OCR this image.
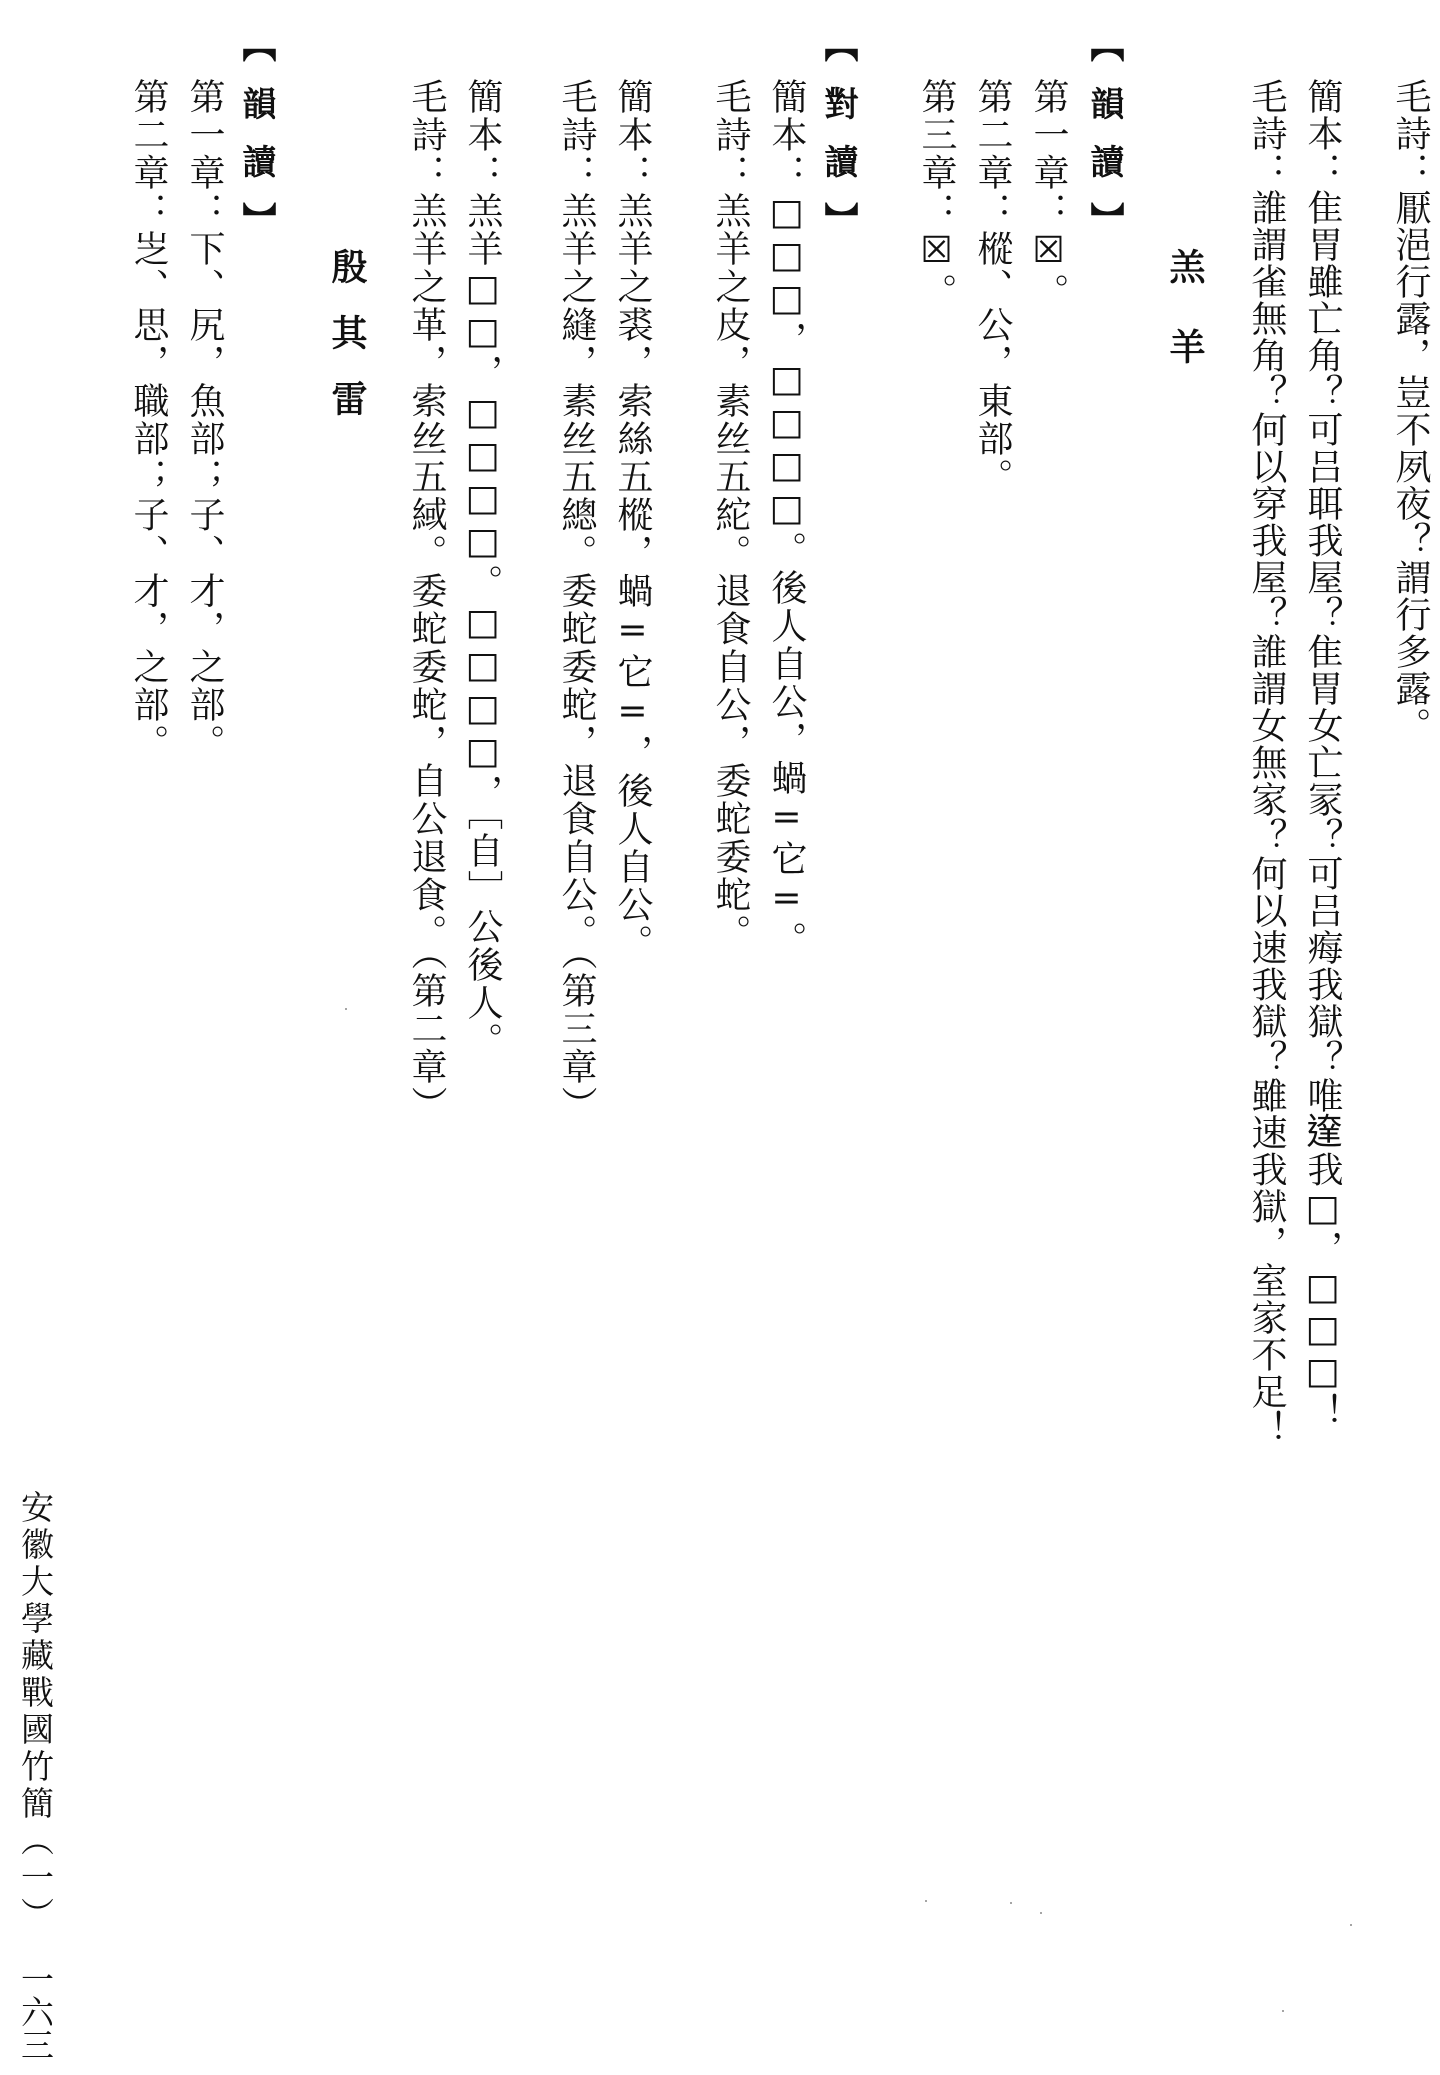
毛詩：厭浥行露，豈不夙夜？謂行多露。
簡本：隹胃雖亡角？可吕聑我屋？隹胃女亡冡？可吕痗我獄？唯𨔶我□，□□□！
毛詩：誰謂雀無角？何以穿我屋？誰謂女無家？何以速我獄？雖速我獄，室家不足！
【韻讀】
第一章：☒。
第二章：樅、公，東部。
第三章：☒。
羔羊
【對讀】
簡本：□□□，□□□□。後人自公，蝸=它=。
毛詩：羔羊之皮，素丝五紽。退食自公，委蛇委蛇。
簡本：羔羊之裘，索絲五樅，蝸=它=，後人自公。
毛詩：羔羊之縫，素丝五總。委蛇委蛇，退食自公。（第三章）
簡本：羔羊□□，□□□□。□□□□，［自］公後人。
毛詩：羔羊之革，索丝五緎。委蛇委蛇，自公退食。（第二章）
殷其雷
【韻讀】
第一章：下、尻，魚部；子、才，之部。
第二章：㞫、思，職部；子、才，之部。
安徽大學藏戰國竹簡（一）
一六三
